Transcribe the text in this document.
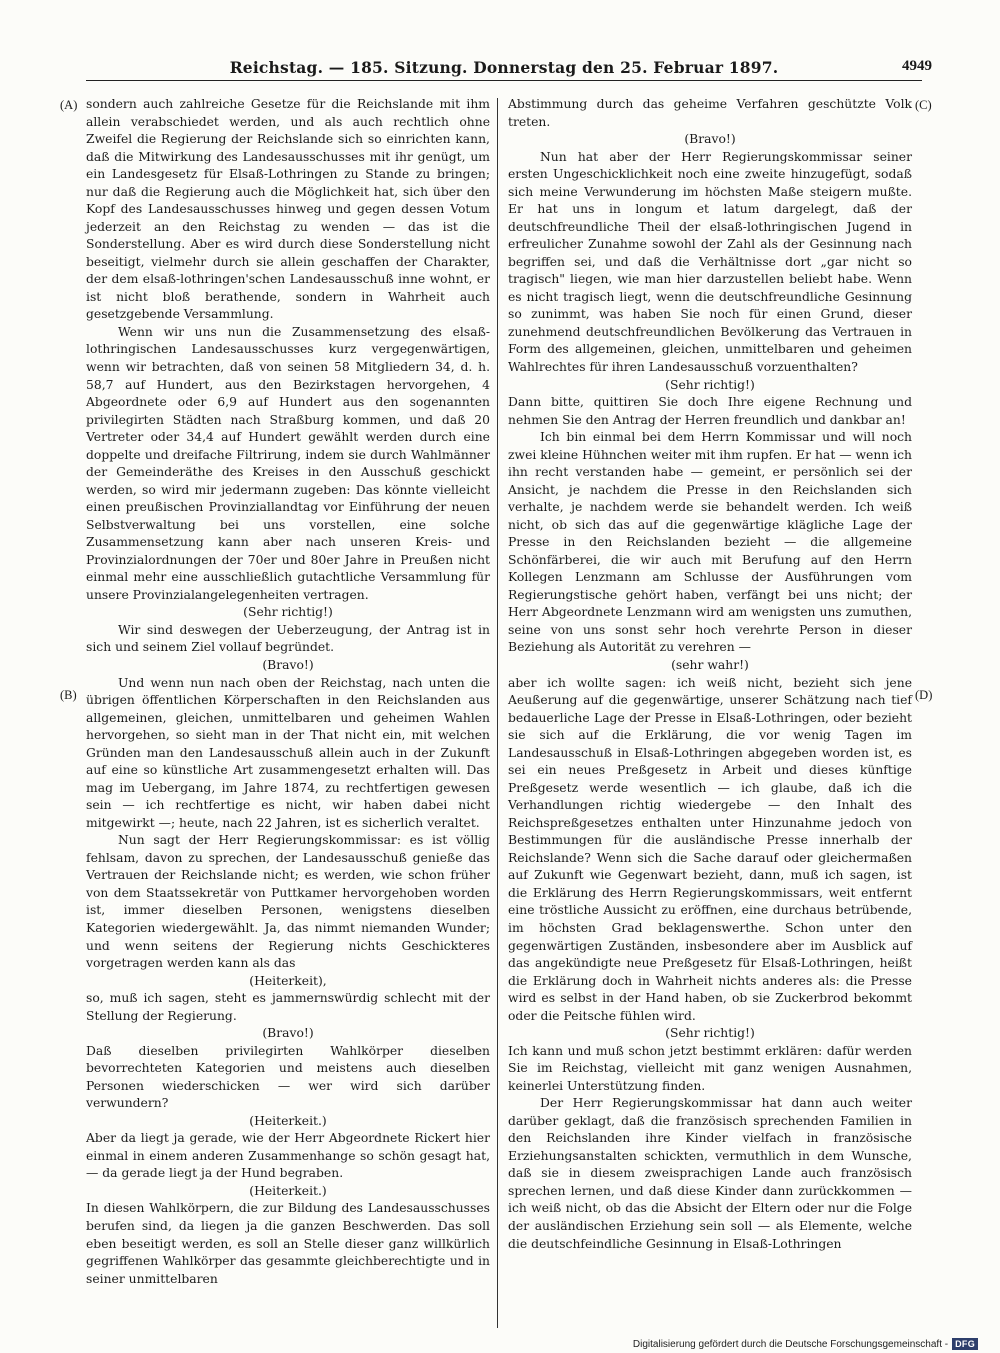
Reichstag. — 185. Sitzung. Donnerstag den 25. Februar 1897.	4949
(A)
(B)
(C)
(D)

sondern auch zahlreiche Gesetze für die Reichslande mit ihm allein verabschiedet werden, und als auch rechtlich ohne Zweifel die Regierung der Reichslande sich so einrichten kann, daß die Mitwirkung des Landesausschusses mit ihr genügt, um ein Landesgesetz für Elsaß-Lothringen zu Stande zu bringen; nur daß die Regierung auch die Möglichkeit hat, sich über den Kopf des Landesausschusses hinweg und gegen dessen Votum jederzeit an den Reichstag zu wenden — das ist die Sonderstellung. Aber es wird durch diese Sonderstellung nicht beseitigt, vielmehr durch sie allein geschaffen der Charakter, der dem elsaß-lothringen'schen Landesausschuß inne wohnt, er ist nicht bloß berathende, sondern in Wahrheit auch gesetzgebende Versammlung.

Wenn wir uns nun die Zusammensetzung des elsaß-lothringischen Landesausschusses kurz vergegenwärtigen, wenn wir betrachten, daß von seinen 58 Mitgliedern 34, d. h. 58,7 auf Hundert, aus den Bezirkstagen hervorgehen, 4 Abgeordnete oder 6,9 auf Hundert aus den sogenannten privilegirten Städten nach Straßburg kommen, und daß 20 Vertreter oder 34,4 auf Hundert gewählt werden durch eine doppelte und dreifache Filtrirung, indem sie durch Wahlmänner der Gemeinderäthe des Kreises in den Ausschuß geschickt werden, so wird mir jedermann zugeben: Das könnte vielleicht einen preußischen Provinziallandtag vor Einführung der neuen Selbstverwaltung bei uns vorstellen, eine solche Zusammensetzung kann aber nach unseren Kreis- und Provinzialordnungen der 70er und 80er Jahre in Preußen nicht einmal mehr eine ausschließlich gutachtliche Versammlung für unsere Provinzialangelegenheiten vertragen.

(Sehr richtig!)

Wir sind deswegen der Ueberzeugung, der Antrag ist in sich und seinem Ziel vollauf begründet.

(Bravo!)

Und wenn nun nach oben der Reichstag, nach unten die übrigen öffentlichen Körperschaften in den Reichslanden aus allgemeinen, gleichen, unmittelbaren und geheimen Wahlen hervorgehen, so sieht man in der That nicht ein, mit welchen Gründen man den Landesausschuß allein auch in der Zukunft auf eine so künstliche Art zusammengesetzt erhalten will. Das mag im Uebergang, im Jahre 1874, zu rechtfertigen gewesen sein — ich rechtfertige es nicht, wir haben dabei nicht mitgewirkt —; heute, nach 22 Jahren, ist es sicherlich veraltet.

Nun sagt der Herr Regierungskommissar: es ist völlig fehlsam, davon zu sprechen, der Landesausschuß genieße das Vertrauen der Reichslande nicht; es werden, wie schon früher von dem Staatssekretär von Puttkamer hervorgehoben worden ist, immer dieselben Personen, wenigstens dieselben Kategorien wiedergewählt. Ja, das nimmt niemanden Wunder; und wenn seitens der Regierung nichts Geschickteres vorgetragen werden kann als das

(Heiterkeit),

so, muß ich sagen, steht es jammernswürdig schlecht mit der Stellung der Regierung.

(Bravo!)

Daß dieselben privilegirten Wahlkörper dieselben bevorrechteten Kategorien und meistens auch dieselben Personen wiederschicken — wer wird sich darüber verwundern?

(Heiterkeit.)

Aber da liegt ja gerade, wie der Herr Abgeordnete Rickert hier einmal in einem anderen Zusammenhange so schön gesagt hat, — da gerade liegt ja der Hund begraben.

(Heiterkeit.)

In diesen Wahlkörpern, die zur Bildung des Landesausschusses berufen sind, da liegen ja die ganzen Beschwerden. Das soll eben beseitigt werden, es soll an Stelle dieser ganz willkürlich gegriffenen Wahlkörper das gesammte gleichberechtigte und in seiner unmittelbaren

Abstimmung durch das geheime Verfahren geschützte Volk treten.

(Bravo!)

Nun hat aber der Herr Regierungskommissar seiner ersten Ungeschicklichkeit noch eine zweite hinzugefügt, sodaß sich meine Verwunderung im höchsten Maße steigern mußte. Er hat uns in longum et latum dargelegt, daß der deutschfreundliche Theil der elsaß-lothringischen Jugend in erfreulicher Zunahme sowohl der Zahl als der Gesinnung nach begriffen sei, und daß die Verhältnisse dort „gar nicht so tragisch" liegen, wie man hier darzustellen beliebt habe. Wenn es nicht tragisch liegt, wenn die deutschfreundliche Gesinnung so zunimmt, was haben Sie noch für einen Grund, dieser zunehmend deutschfreundlichen Bevölkerung das Vertrauen in Form des allgemeinen, gleichen, unmittelbaren und geheimen Wahlrechtes für ihren Landesausschuß vorzuenthalten?

(Sehr richtig!)

Dann bitte, quittiren Sie doch Ihre eigene Rechnung und nehmen Sie den Antrag der Herren freundlich und dankbar an!

Ich bin einmal bei dem Herrn Kommissar und will noch zwei kleine Hühnchen weiter mit ihm rupfen. Er hat — wenn ich ihn recht verstanden habe — gemeint, er persönlich sei der Ansicht, je nachdem die Presse in den Reichslanden sich verhalte, je nachdem werde sie behandelt werden. Ich weiß nicht, ob sich das auf die gegenwärtige klägliche Lage der Presse in den Reichslanden bezieht — die allgemeine Schönfärberei, die wir auch mit Berufung auf den Herrn Kollegen Lenzmann am Schlusse der Ausführungen vom Regierungstische gehört haben, verfängt bei uns nicht; der Herr Abgeordnete Lenzmann wird am wenigsten uns zumuthen, seine von uns sonst sehr hoch verehrte Person in dieser Beziehung als Autorität zu verehren —

(sehr wahr!)

aber ich wollte sagen: ich weiß nicht, bezieht sich jene Aeußerung auf die gegenwärtige, unserer Schätzung nach tief bedauerliche Lage der Presse in Elsaß-Lothringen, oder bezieht sie sich auf die Erklärung, die vor wenig Tagen im Landesausschuß in Elsaß-Lothringen abgegeben worden ist, es sei ein neues Preßgesetz in Arbeit und dieses künftige Preßgesetz werde wesentlich — ich glaube, daß ich die Verhandlungen richtig wiedergebe — den Inhalt des Reichspreßgesetzes enthalten unter Hinzunahme jedoch von Bestimmungen für die ausländische Presse innerhalb der Reichslande? Wenn sich die Sache darauf oder gleichermaßen auf Zukunft wie Gegenwart bezieht, dann, muß ich sagen, ist die Erklärung des Herrn Regierungskommissars, weit entfernt eine tröstliche Aussicht zu eröffnen, eine durchaus betrübende, im höchsten Grad beklagenswerthe. Schon unter den gegenwärtigen Zuständen, insbesondere aber im Ausblick auf das angekündigte neue Preßgesetz für Elsaß-Lothringen, heißt die Erklärung doch in Wahrheit nichts anderes als: die Presse wird es selbst in der Hand haben, ob sie Zuckerbrod bekommt oder die Peitsche fühlen wird.

(Sehr richtig!)

Ich kann und muß schon jetzt bestimmt erklären: dafür werden Sie im Reichstag, vielleicht mit ganz wenigen Ausnahmen, keinerlei Unterstützung finden.

Der Herr Regierungskommissar hat dann auch weiter darüber geklagt, daß die französisch sprechenden Familien in den Reichslanden ihre Kinder vielfach in französische Erziehungsanstalten schickten, vermuthlich in dem Wunsche, daß sie in diesem zweisprachigen Lande auch französisch sprechen lernen, und daß diese Kinder dann zurückkommen — ich weiß nicht, ob das die Absicht der Eltern oder nur die Folge der ausländischen Erziehung sein soll — als Elemente, welche die deutschfeindliche Gesinnung in Elsaß-Lothringen

Digitalisierung gefördert durch die Deutsche Forschungsgemeinschaft - DFG
